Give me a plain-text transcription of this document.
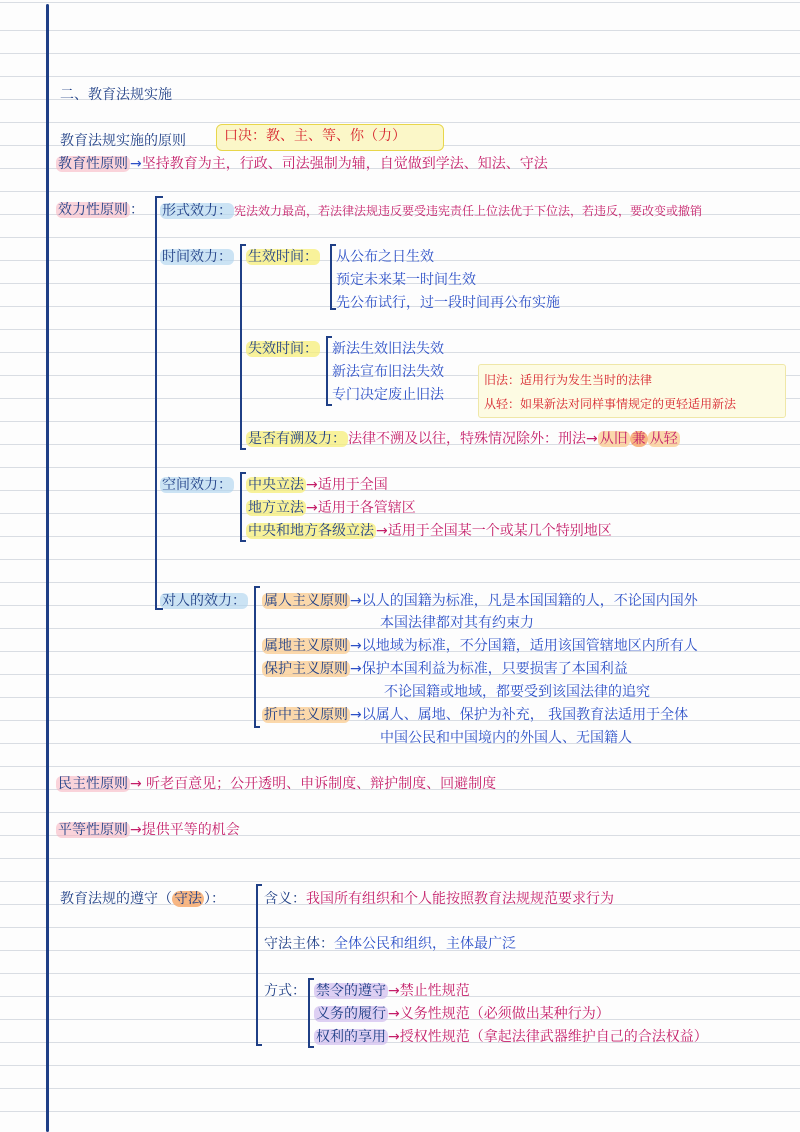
二、教育法规实施
教育法规实施的原则	口决：教、主、等、你（力）
教育性原则 →坚持教育为主，行政、司法强制为辅，自觉做到学法、知法、守法
效力性原则 ： 形式效力： 宪法效力最高，若法律法规违反要受违宪责任上位法优于下位法，若违反，要改变或撤销
时间效力： 生效时间： 从公布之日生效
预定未来某一时间生效
先公布试行，过一段时间再公布实施
失效时间： 新法生效旧法失效
新法宣布旧法失效
专门决定废止旧法
旧法：适用行为发生当时的法律
从轻：如果新法对同样事情规定的更轻适用新法
是否有溯及力： 法律不溯及以往，特殊情况除外：刑法→ 从旧 兼 从轻
空间效力： 中央立法 →适用于全国
地方立法 →适用于各管辖区
中央和地方各级立法 →适用于全国某一个或某几个特别地区
对人的效力： 属人主义原则 →以人的国籍为标准，凡是本国国籍的人，不论国内国外
本国法律都对其有约束力
属地主义原则 →以地域为标准，不分国籍，适用该国管辖地区内所有人
保护主义原则 →保护本国利益为标准，只要损害了本国利益
不论国籍或地域，都要受到该国法律的追究
折中主义原则 →以属人、属地、保护为补充， 我国教育法适用于全体
中国公民和中国境内的外国人、无国籍人
民主性原则 → 听老百意见；公开透明、申诉制度、辩护制度、回避制度
平等性原则 →提供平等的机会
教育法规的遵守（ 守法 ）：	含义：我国所有组织和个人能按照教育法规规范要求行为
守法主体：全体公民和组织，主体最广泛
方式： 禁令的遵守 →禁止性规范
义务的履行 →义务性规范（必须做出某种行为）
权利的享用 →授权性规范（拿起法律武器维护自己的合法权益）
